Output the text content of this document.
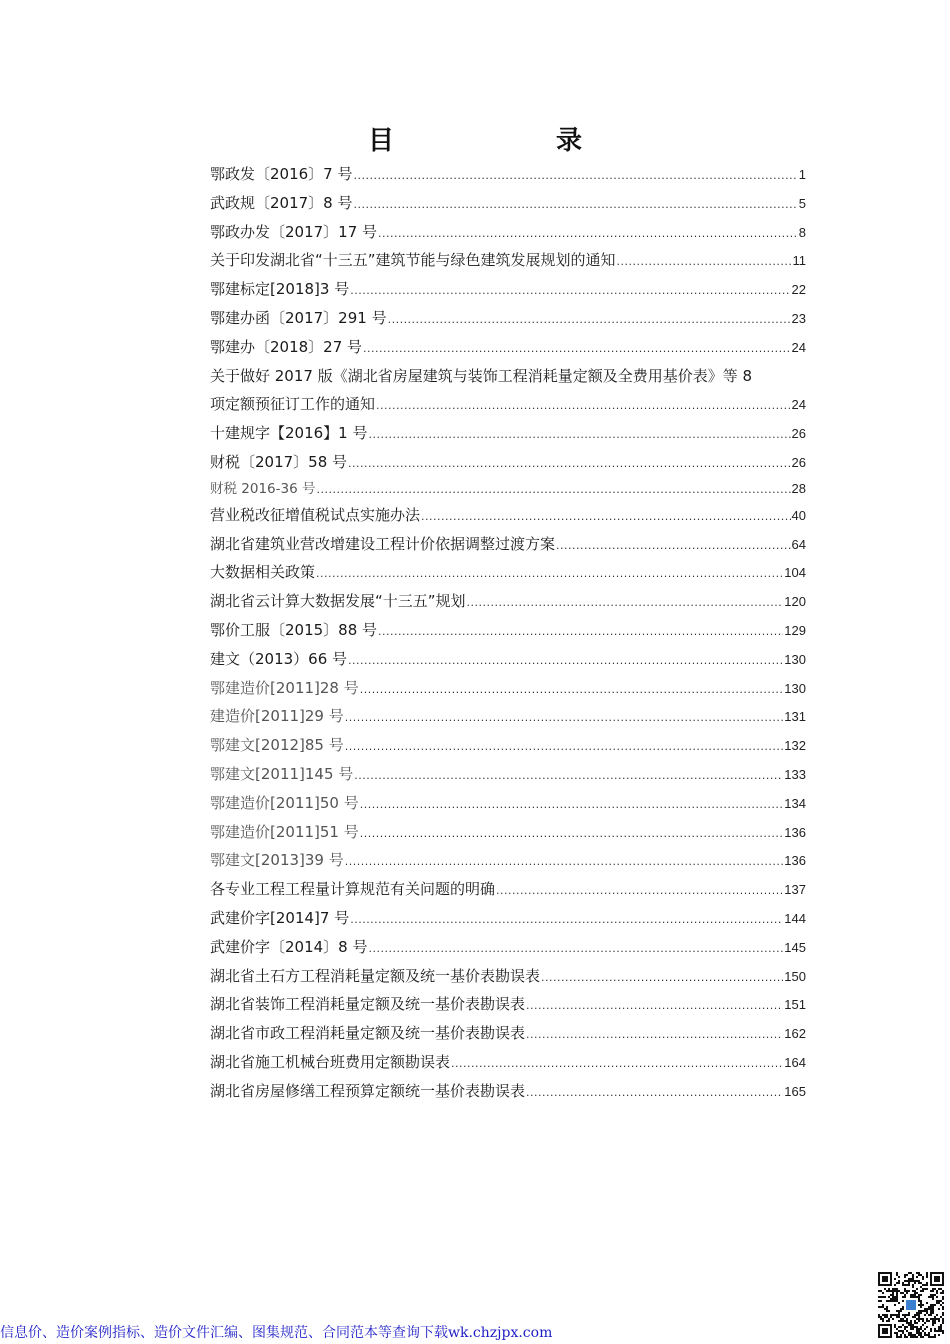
目　录
鄂政发〔2016〕7 号 .....	1
武政规〔2017〕8 号 .....	5
鄂政办发〔2017〕17 号 .....	8
关于印发湖北省“十三五”建筑节能与绿色建筑发展规划的通知 .....	11
鄂建标定[2018]3 号 .....	22
鄂建办函〔2017〕291 号 .....	23
鄂建办〔2018〕27 号 .....	24
关于做好 2017 版《湖北省房屋建筑与装饰工程消耗量定额及全费用基价表》等 8
项定额预征订工作的通知 .....	24
十建规字【2016】1 号 .....	26
财税〔2017〕58 号 .....	26
财税 2016-36 号 .....	28
营业税改征增值税试点实施办法 .....	40
湖北省建筑业营改增建设工程计价依据调整过渡方案 .....	64
大数据相关政策 .....	104
湖北省云计算大数据发展“十三五”规划 .....	120
鄂价工服〔2015〕88 号 .....	129
建文（2013）66 号 .....	130
鄂建造价[2011]28 号 .....	130
建造价[2011]29 号 .....	131
鄂建文[2012]85 号 .....	132
鄂建文[2011]145 号 .....	133
鄂建造价[2011]50 号 .....	134
鄂建造价[2011]51 号 .....	136
鄂建文[2013]39 号 .....	136
各专业工程工程量计算规范有关问题的明确 .....	137
武建价字[2014]7 号 .....	144
武建价字〔2014〕8 号 .....	145
湖北省土石方工程消耗量定额及统一基价表勘误表 .....	150
湖北省装饰工程消耗量定额及统一基价表勘误表 .....	151
湖北省市政工程消耗量定额及统一基价表勘误表 .....	162
湖北省施工机械台班费用定额勘误表 .....	164
湖北省房屋修缮工程预算定额统一基价表勘误表 .....	165
信息价、造价案例指标、造价文件汇编、图集规范、合同范本等查询下载wk.chzjpx.com
